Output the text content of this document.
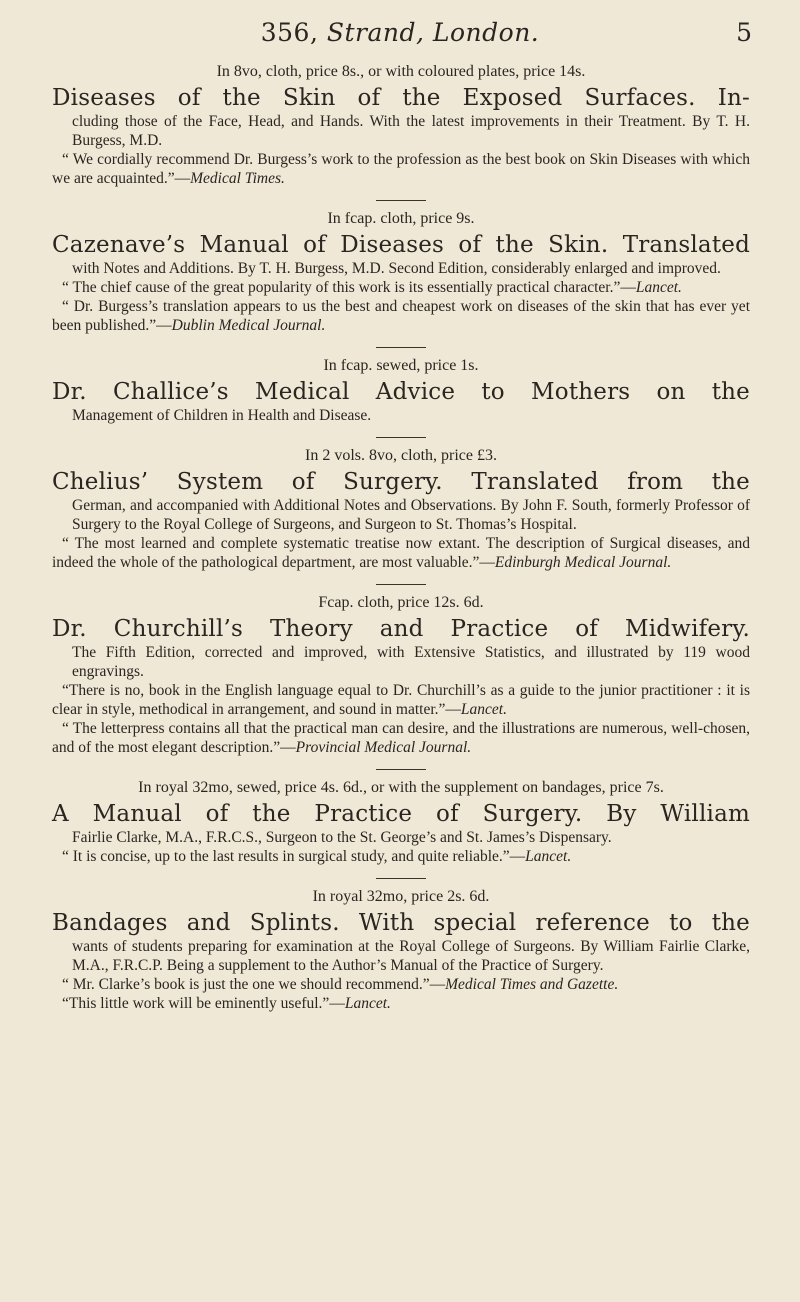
356, Strand, London.	5

In 8vo, cloth, price 8s., or with coloured plates, price 14s.

Diseases of the Skin of the Exposed Surfaces. In-

cluding those of the Face, Head, and Hands. With the latest improvements in their Treatment. By T. H. Burgess, M.D.

“ We cordially recommend Dr. Burgess’s work to the profession as the best book on Skin Diseases with which we are acquainted.”—Medical Times.

In fcap. cloth, price 9s.

Cazenave’s Manual of Diseases of the Skin. Translated

with Notes and Additions. By T. H. Burgess, M.D. Second Edition, considerably enlarged and improved.

“ The chief cause of the great popularity of this work is its essentially practical character.”—Lancet.

“ Dr. Burgess’s translation appears to us the best and cheapest work on diseases of the skin that has ever yet been published.”—Dublin Medical Journal.

In fcap. sewed, price 1s.

Dr. Challice’s Medical Advice to Mothers on the

Management of Children in Health and Disease.

In 2 vols. 8vo, cloth, price £3.

Chelius’ System of Surgery. Translated from the

German, and accompanied with Additional Notes and Observations. By John F. South, formerly Professor of Surgery to the Royal College of Surgeons, and Surgeon to St. Thomas’s Hospital.

“ The most learned and complete systematic treatise now extant. The description of Surgical diseases, and indeed the whole of the pathological department, are most valuable.”—Edinburgh Medical Journal.

Fcap. cloth, price 12s. 6d.

Dr. Churchill’s Theory and Practice of Midwifery.

The Fifth Edition, corrected and improved, with Extensive Statistics, and illustrated by 119 wood engravings.

“There is no, book in the English language equal to Dr. Churchill’s as a guide to the junior practitioner : it is clear in style, methodical in arrangement, and sound in matter.”—Lancet.

“ The letterpress contains all that the practical man can desire, and the illustrations are numerous, well-chosen, and of the most elegant description.”—Provincial Medical Journal.

In royal 32mo, sewed, price 4s. 6d., or with the supplement on bandages, price 7s.

A Manual of the Practice of Surgery. By William

Fairlie Clarke, M.A., F.R.C.S., Surgeon to the St. George’s and St. James’s Dispensary.

“ It is concise, up to the last results in surgical study, and quite reliable.”—Lancet.

In royal 32mo, price 2s. 6d.

Bandages and Splints. With special reference to the

wants of students preparing for examination at the Royal College of Surgeons. By William Fairlie Clarke, M.A., F.R.C.P. Being a supplement to the Author’s Manual of the Practice of Surgery.

“ Mr. Clarke’s book is just the one we should recommend.”—Medical Times and Gazette.

“This little work will be eminently useful.”—Lancet.
